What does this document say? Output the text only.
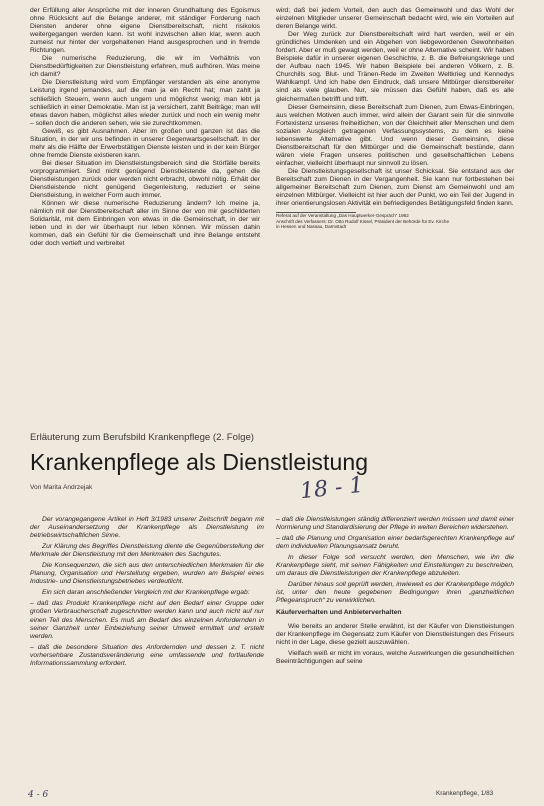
der Erfüllung aller Ansprüche mit der inneren Grundhaltung des Egoismus ohne Rücksicht auf die Belange anderer, mit ständiger Forderung nach Diensten anderer ohne eigene Dienstbereitschaft, nicht risikolos weitergegangen werden kann. Ist wohl inzwischen allen klar, wenn auch zumeist nur hinter der vorgehaltenen Hand ausgesprochen und in fremde Richtungen.

Die numerische Reduzierung, die wir im Verhältnis von Dienstbedürftigkeiten zur Dienstleistung erfahren, muß aufhören. Was meine ich damit?

Die Dienstleistung wird vom Empfänger verstanden als eine anonyme Leistung irgend jemandes, auf die man ja ein Recht hat; man zahlt ja schließlich Steuern, wenn auch ungern und möglichst wenig; man lebt ja schließlich in einer Demokratie. Man ist ja versichert, zahlt Beiträge; man will etwas davon haben, möglichst alles wieder zurück und noch ein wenig mehr – sollen doch die anderen sehen, wie sie zurechtkommen.

Gewiß, es gibt Ausnahmen. Aber im großen und ganzen ist das die Situation, in der wir uns befinden in unserer Gegenwartsgesellschaft. In der mehr als die Hälfte der Erwerbstätigen Dienste leisten und in der kein Bürger ohne fremde Dienste existieren kann.

Bei dieser Situation im Dienstleistungsbereich sind die Störfälle bereits vorprogrammiert. Sind nicht genügend Dienstleistende da, gehen die Dienstleistungen zurück oder werden nicht erbracht, obwohl nötig. Erhält der Dienstleistende nicht genügend Gegenleistung, reduziert er seine Dienstleistung, in welcher Form auch immer.

Können wir diese numerische Reduzierung ändern? Ich meine ja, nämlich mit der Dienstbereitschaft aller im Sinne der von mir geschilderten Solidarität, mit dem Einbringen von etwas in die Gemeinschaft, in der wir leben und in der wir überhaupt nur leben können. Wir müssen dahin kommen, daß ein Gefühl für die Gemeinschaft und ihre Belange entsteht oder doch vertieft und verbreitet

wird; daß bei jedem Vorteil, den auch das Gemeinwohl und das Wohl der einzelnen Mitglieder unserer Gemeinschaft bedacht wird, wie ein Vorteilen auf deren Belange wirkt.

Der Weg zurück zur Dienstbereitschaft wird hart werden, weil er ein gründliches Umdenken und ein Abgehen von liebgewordenen Gewohnheiten fordert. Aber er muß gewagt werden, weil er ohne Alternative scheint. Wir haben Beispiele dafür in unserer eigenen Geschichte, z. B. die Befreiungskriege und der Aufbau nach 1945. Wir haben Beispiele bei anderen Völkern, z. B. Churchills sog. Blut- und Tränen-Rede im Zweiten Weltkrieg und Kennedys Wahlkampf. Und ich habe den Eindruck, daß unsere Mitbürger dienstbereiter sind als viele glauben. Nur, sie müssen das Gefühl haben, daß es alle gleichermaßen betrifft und trifft.

Dieser Gemeinsinn, diese Bereitschaft zum Dienen, zum Etwas-Einbringen, aus welchen Motiven auch immer, wird allein der Garant sein für die sinnvolle Fortexistenz unseres freiheitlichen, von der Gleichheit aller Menschen und dem sozialen Ausgleich getragenen Verfassungssystems, zu dem es keine lebenswerte Alternative gibt. Und wenn dieser Gemeinsinn, diese Dienstbereitschaft für den Mitbürger und die Gemeinschaft bestünde, dann wären viele Fragen unseres politischen und gesellschaftlichen Lebens einfacher, vielleicht überhaupt nur sinnvoll zu lösen.

Die Dienstleistungsgesellschaft ist unser Schicksal. Sie entstand aus der Bereitschaft zum Dienen in der Vergangenheit. Sie kann nur fortbestehen bei allgemeiner Bereitschaft zum Dienen, zum Dienst am Gemeinwohl und am einzelnen Mitbürger. Vielleicht ist hier auch der Punkt, wo ein Teil der Jugend in ihrer orientierungslosen Aktivität ein befriedigendes Betätigungsfeld finden kann.

Referat auf der Veranstaltung „Das Hauptwerker-Gespräch“ 1982
Anschrift des Verfassers: Dr. Otto Rudolf Kissel, Präsident der Behörde für Ev. Kirche
in Hessen und Nassau, Darmstadt

Erläuterung zum Berufsbild Krankenpflege (2. Folge)
Krankenpflege als Dienstleistung
Von Marita Andrzejak	18 - 1

Der vorangegangene Artikel in Heft 3/1983 unserer Zeitschrift begann mit der Auseinandersetzung der Krankenpflege als Dienstleistung im betriebswirtschaftlichen Sinne.

Zur Klärung des Begriffes Dienstleistung diente die Gegenüberstellung der Merkmale der Dienstleistung mit den Merkmalen des Sachgutes.

Die Konsequenzen, die sich aus den unterschiedlichen Merkmalen für die Planung, Organisation und Herstellung ergeben, wurden am Beispiel eines Industrie- und Dienstleistungsbetriebes verdeutlicht.

Ein sich daran anschließender Vergleich mit der Krankenpflege ergab:

– daß das Produkt Krankenpflege nicht auf den Bedarf einer Gruppe oder großen Verbraucherschaft zugeschnitten werden kann und auch nicht auf nur einen Teil des Menschen. Es muß am Bedarf des einzelnen Anfordernden in seiner Ganzheit unter Einbeziehung seiner Umwelt ermittelt und erstellt werden.

– daß die besondere Situation des Anfordernden und dessen z. T. nicht vorhersehbare Zustandsveränderung eine umfassende und fortlaufende Informationssammlung erfordert.

– daß die Dienstleistungen ständig differenziert werden müssen und damit einer Normierung und Standardisierung der Pflege in weiten Bereichen widerstehen.

– daß die Planung und Organisation einer bedarfsgerechten Krankenpflege auf dem individuellen Planungsansatz beruht.

In dieser Folge soll versucht werden, den Menschen, wie ihn die Krankenpflege sieht, mit seinen Fähigkeiten und Einstellungen zu beschreiben, um daraus die Dienstleistungen der Krankenpflege abzuleiten.

Darüber hinaus soll geprüft werden, inwieweit es der Krankenpflege möglich ist, unter den heute gegebenen Bedingungen ihren „ganzheitlichen Pflegeanspruch“ zu verwirklichen.

Käuferverhalten und Anbieterverhalten

Wie bereits an anderer Stelle erwähnt, ist der Käufer von Dienstleistungen der Krankenpflege im Gegensatz zum Käufer von Dienstleistungen des Friseurs nicht in der Lage, diese gezielt auszuwählen.

Vielfach weiß er nicht im voraus, welche Auswirkungen die gesundheitlichen Beeinträchtigungen auf seine

4 - 6	Krankenpflege, 1/83
